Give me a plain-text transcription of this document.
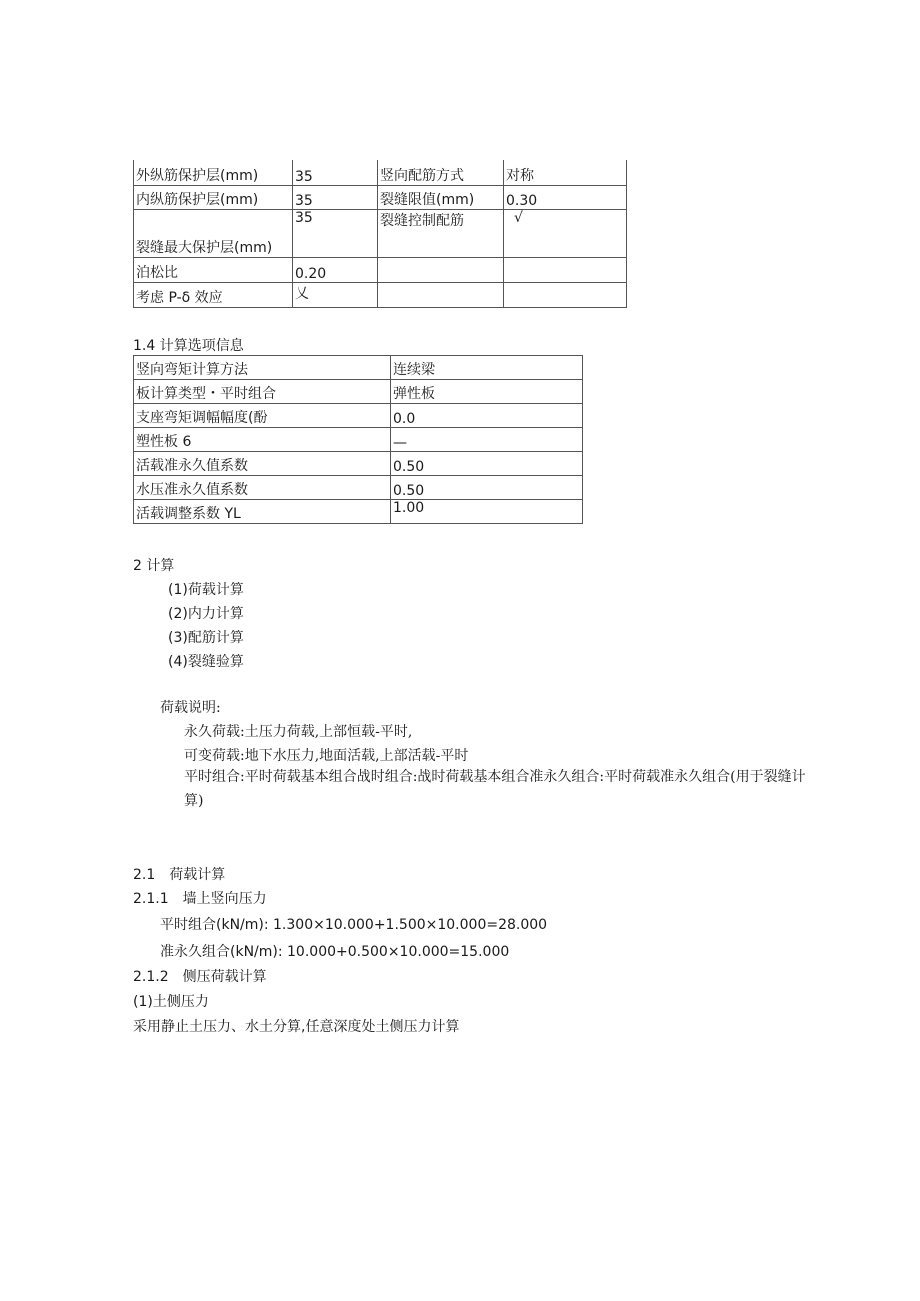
外纵筋保护层(mm)	35	竖向配筋方式	对称
内纵筋保护层(mm)	35	裂缝限值(mm)	0.30
裂缝最大保护层(mm)	35	裂缝控制配筋	√
泊松比	0.20		
考虑 P-δ 效应	乂		
1.4 计算选项信息
竖向弯矩计算方法	连续梁
板计算类型・平时组合	弹性板
支座弯矩调幅幅度(酚	0.0
塑性板 6	—
活载准永久值系数	0.50
水压准永久值系数	0.50
活载调整系数 YL	1.00
2 计算
(1)荷载计算
(2)内力计算
(3)配筋计算
(4)裂缝验算
荷载说明:
永久荷载:土压力荷载,上部恒载-平时,
可变荷载:地下水压力,地面活载,上部活载-平时
平时组合:平时荷载基本组合战时组合:战时荷载基本组合准永久组合:平时荷载准永久组合(用于裂缝计算)
2.1　荷载计算
2.1.1　墙上竖向压力
平时组合(kN/m): 1.300×10.000+1.500×10.000=28.000
准永久组合(kN/m): 10.000+0.500×10.000=15.000
2.1.2　侧压荷载计算
(1)土侧压力
采用静止土压力、水土分算,任意深度处土侧压力计算
